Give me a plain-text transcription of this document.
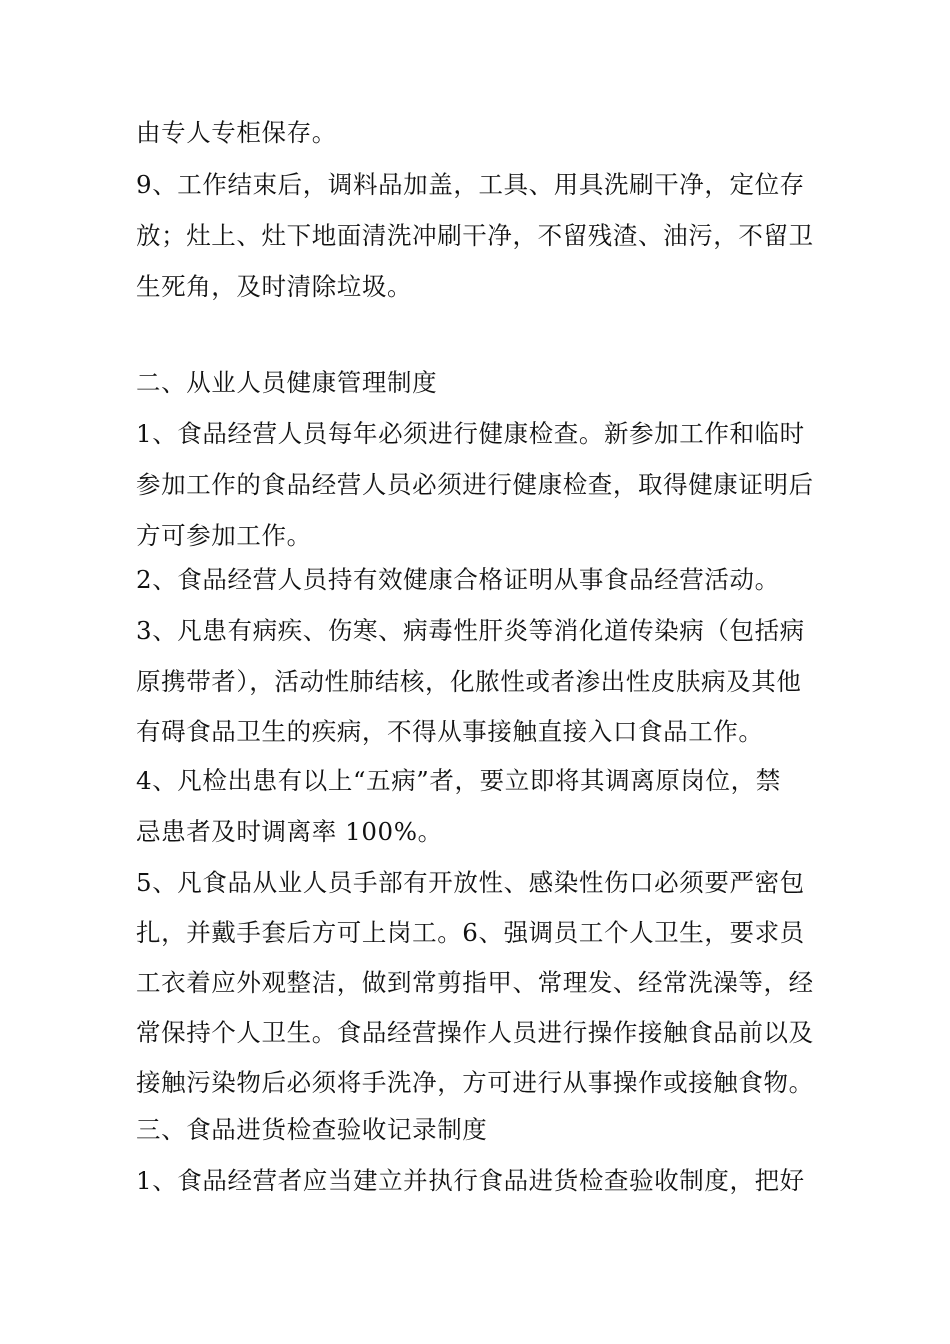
由专人专柜保存。
9、工作结束后，调料品加盖，工具、用具洗刷干净，定位存
放；灶上、灶下地面清洗冲刷干净，不留残渣、油污，不留卫
生死角，及时清除垃圾。
二、从业人员健康管理制度
1、食品经营人员每年必须进行健康检查。新参加工作和临时
参加工作的食品经营人员必须进行健康检查，取得健康证明后
方可参加工作。
2、食品经营人员持有效健康合格证明从事食品经营活动。
3、凡患有病疾、伤寒、病毒性肝炎等消化道传染病（包括病
原携带者），活动性肺结核，化脓性或者渗出性皮肤病及其他
有碍食品卫生的疾病，不得从事接触直接入口食品工作。
4、凡检出患有以上“五病”者，要立即将其调离原岗位，禁
忌患者及时调离率 100%。
5、凡食品从业人员手部有开放性、感染性伤口必须要严密包
扎，并戴手套后方可上岗工。6、强调员工个人卫生，要求员
工衣着应外观整洁，做到常剪指甲、常理发、经常洗澡等，经
常保持个人卫生。食品经营操作人员进行操作接触食品前以及
接触污染物后必须将手洗净，方可进行从事操作或接触食物。
三、食品进货检查验收记录制度
1、食品经营者应当建立并执行食品进货检查验收制度，把好
